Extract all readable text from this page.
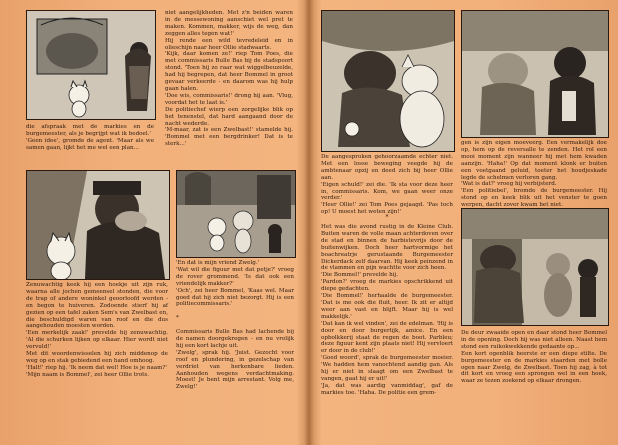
die afspraak met de markies en de burgemeester, als je begrijpt wat ik bedoel.'
'Geen idee', gromde de agent. 'Maar als we samen gaan, lijkt het me wel een plan...
niet aangelijkheden. Met z'n beiden waren in de messewoning aanschiet wel pret te maken. Kommen, makker, wijs de weg, dan zeggen alles tegen wat!'
Hij rende een wild tevredeleid en in olieschijn naar heer Ollie stadwaarts.
'Kijk, daar komen ze!' riep Tom Poes, die met commissaris Bulle Bas bij de stadspoort stond. 'Toen hij zo raar wat wiggelbeuzelde, had hij begrepen, dat heer Bommel in groot gevaar verkeerde - en daarom was hij hulp gaan halen.
'Doe wis, commissaris!' drong hij aan. 'Vlug, voordat het te laat is.'
De politiechef wierp een zorgelijke blik op het tenenstel, dat hard aangaand door de nacht wederde.
'M-maar, zat is een Zwelbast!' stamelde hij. 'Bommel met een bergdrinker! Dat is te sterk...'
Zenuwachtig keek hij een hoekje uit zijn ruk, waarna alle jochen gemeensel stonden, die voor de trap of andere woninkel geoorloofd werden - en begon te huiveren. Zodoende stierf hij af gezien op een tafel zaken Sem's van Zwelbast en, die beschuldigd waren van roof en die dus aangehouden moesten worden.
'Een merkelijk zaak!' prevelde hij zenuwachtig. 'Al die schurken lijken op elkaar. Hier wordt niet vervuld!'
Met dit woordenwisselen hij zich middenop de weg op en stak gebiedend een hand omhoog.
'Halt!' riep hij. 'Ik neem dat wel! Hoe is je naam?'
'Mijn naam is Bommel', zei heer Ollie trots.
'En dat is mijn vriend Zwelg.'
'Wat wil die figuur met dat petje?' vroeg de rover grommend. 'Is dat ook een vriendelijk makker?'
'Och', zei heer Bommel, 'Kaas wel. Maar goed dat hij zich niet bezorgt. Hij is een politiecommissaris.'

*

Commissaris Bulle Bas had lachende bij de namen doorgekregen - en nu vrolijk hij een kort lachje uit.
'Zwelg', sprak hij. 'Juist. Gezocht voor roof en plundering, in gezelschap van verdriet van herkenbare lieden. Aanhouden wegens verdachtmaking. Moest! Je bent mijn arrestant. Volg me, Zwelg!'
De aangesproken gehoorzaamde echter niet. Met een losse beweging veegde hij de ambtenaar opzij en deed zich bij heer Ollie aan.
'Eigen schuld!' zei die. 'Ik sta voor deze heer in, commissaris. Kom, we gaan weer onze verder.'
'Heer Ollie!' zei Tom Poes gejaagd. 'Pas toch op! U moest het weten zijn!'
gen is zijn eigen moeveerg. Een vermakelijk doe op, hem op de reversalle te zenden. Het rol een mooi moment zijn wanneer hij met hem kwaden aanzijn. 'Haha!' Op dat moment klonk er buiten een voetgaand geluid, toeter het houdjeskade legde de schelmen verloren gang.
'Wat is dat?' vroeg hij verbijsterd.
'Een politiebel', bromde de burgemeester. Hij stond op en keek blik uit het venster te goen werpen, dacht zover kwam het niet.
*
Het was die avond rustig in de Kleine Club. Buiten waren de volle maan achterdoven over de stad en binnen de harbistevrijs door de buitenwijken. Doch heer hartvormige het boachreatrje gerustaande Burgemeester Dickerdack zelf daarvan. Hij keek peinzend in de vlammen en pijn wachtte voor zich heen.
'Die Bommel!' prevelde hij.
'Pardon?' vroeg de markies opschrikkend uit diepe gedachten.
'Die Bommel!' herhaalde de burgemeester. 'Dat is me ook die fluit, heer. Ik zit er altijd weer aan vast en blijft. Maar hij is wel makkelijk.'
'Dat kan ik wel vinden', zei de edelman. 'Hij is door en door burgerlijk, amice. En een opbolkkerij staat de regen de boot. Parbleu; deze figuur kent zijn plaats niet! Hij vervloert er door in de club!'
'Goed woord', sprak de burgemeester moeier. 'We hadden hem vanochtend aandig gan. Als hij er niet in slaagt om een Zwelbast te vangen, gaat hij er uit!'
'Ja, dat was aardig vanmiddag', gaf de markies toe. 'Haha. De politie een grem-
De deur zwaaide open en daar stond heer Bommel in de opening. Doch hij was niet alleen. Naast hem stond een ruikokwekkende gedaante op...
Een kort ogenblik heerste er een diepe stilte. De burgemeester en de markies staarden met bolle ogen naar Zwelg, de Zwelbast. Toen hij zag, à tot dit kort en vroeg een sprongen wel in een hoek, waar ze tezen zoekend op elkaar drongen.
